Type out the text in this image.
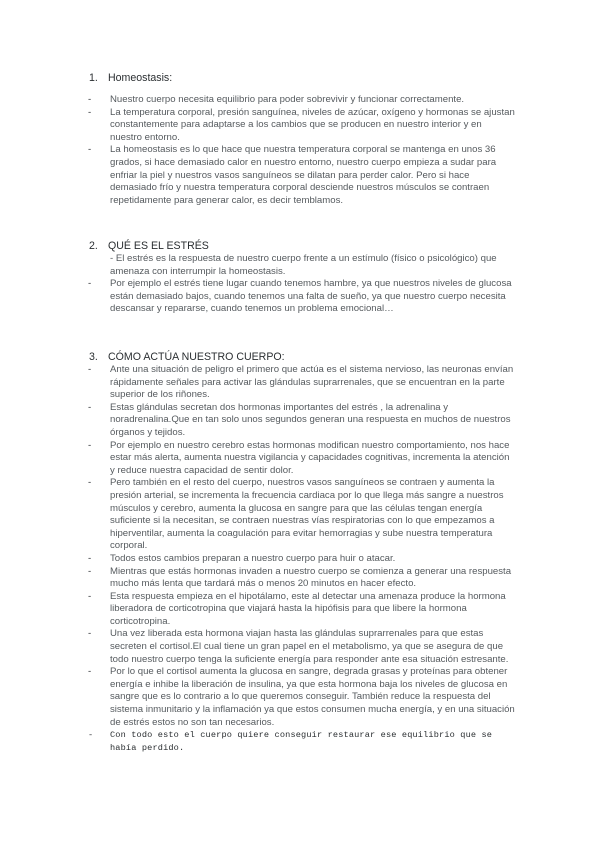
1. Homeostasis:
- Nuestro cuerpo necesita equilibrio para poder sobrevivir y funcionar correctamente.
- La temperatura corporal, presión sanguínea, niveles de azúcar, oxígeno y hormonas se ajustan constantemente para adaptarse a los cambios que se producen en nuestro interior y en nuestro entorno.
- La homeostasis es lo que hace que nuestra temperatura corporal se mantenga en unos 36 grados, si hace demasiado calor en nuestro entorno, nuestro cuerpo empieza a sudar para enfriar la piel y nuestros vasos sanguíneos se dilatan para perder calor. Pero si hace demasiado frío y nuestra temperatura corporal desciende nuestros músculos se contraen repetidamente para generar calor, es decir temblamos.
2. QUÉ ES EL ESTRÉS
- El estrés es la respuesta de nuestro cuerpo frente a un estímulo (físico o psicológico) que amenaza con interrumpir la homeostasis.
- Por ejemplo el estrés tiene lugar cuando tenemos hambre, ya que nuestros niveles de glucosa están demasiado bajos, cuando tenemos una falta de sueño, ya que nuestro cuerpo necesita descansar y repararse, cuando tenemos un problema emocional…
3. CÓMO ACTÚA NUESTRO CUERPO:
- Ante una situación de peligro el primero que actúa es el sistema nervioso, las neuronas envían rápidamente señales para activar las glándulas suprarrenales, que se encuentran en la parte superior de los riñones.
- Estas glándulas secretan dos hormonas importantes del estrés , la adrenalina y noradrenalina.Que en tan solo unos segundos generan una respuesta en muchos de nuestros órganos y tejidos.
- Por ejemplo en nuestro cerebro estas hormonas modifican nuestro comportamiento, nos hace estar más alerta, aumenta nuestra vigilancia y capacidades cognitivas, incrementa la atención y reduce nuestra capacidad de sentir dolor.
- Pero también en el resto del cuerpo, nuestros vasos sanguíneos se contraen y aumenta la presión arterial, se incrementa la frecuencia cardiaca por lo que llega más sangre a nuestros músculos y cerebro, aumenta la glucosa en sangre para que las células tengan energía suficiente si la necesitan, se contraen nuestras vías respiratorias con lo que empezamos a hiperventilar, aumenta la coagulación para evitar hemorragias y sube nuestra temperatura corporal.
- Todos estos cambios preparan a nuestro cuerpo para huir o atacar.
- Mientras que estás hormonas invaden a nuestro cuerpo se comienza a generar una respuesta mucho más lenta que tardará más o menos 20 minutos en hacer efecto.
- Esta respuesta empieza en el hipotálamo, este al detectar una amenaza produce la hormona liberadora de corticotropina que viajará hasta la hipófisis para que libere la hormona corticotropina.
- Una vez liberada esta hormona viajan hasta las glándulas suprarrenales para que estas secreten el cortisol.El cual tiene un gran papel en el metabolismo, ya que se asegura de que todo nuestro cuerpo tenga la suficiente energía para responder ante esa situación estresante.
- Por lo que el cortisol aumenta la glucosa en sangre, degrada grasas y proteínas para obtener energía e inhibe la liberación de insulina, ya que esta hormona baja los niveles de glucosa en sangre que es lo contrario a lo que queremos conseguir. También reduce la respuesta del sistema inmunitario y la inflamación ya que estos consumen mucha energía, y en una situación de estrés estos no son tan necesarios.
- Con todo esto el cuerpo quiere conseguir restaurar ese equilibrio que se había perdido.
